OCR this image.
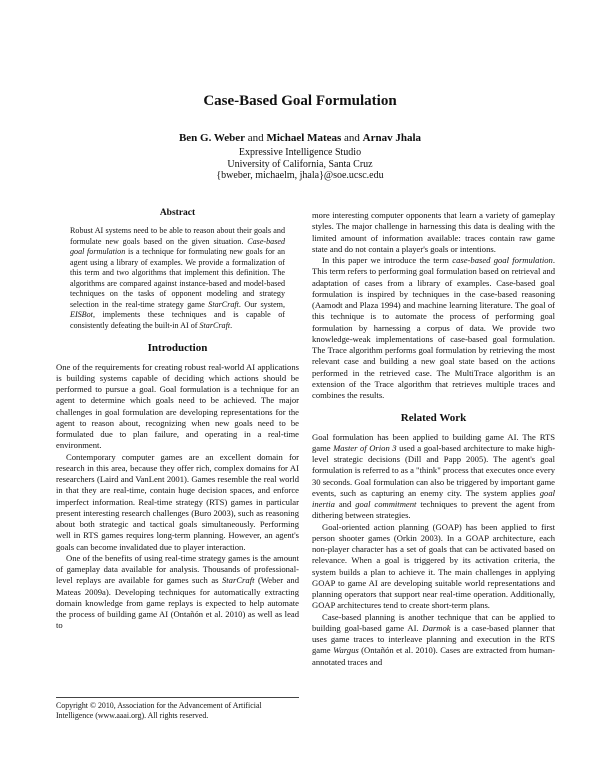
Case-Based Goal Formulation
Ben G. Weber and Michael Mateas and Arnav Jhala
Expressive Intelligence Studio
University of California, Santa Cruz
{bweber, michaelm, jhala}@soe.ucsc.edu
Abstract

Robust AI systems need to be able to reason about their goals and formulate new goals based on the given situation. Case-based goal formulation is a technique for formulating new goals for an agent using a library of examples. We provide a formalization of this term and two algorithms that implement this definition. The algorithms are compared against instance-based and model-based techniques on the tasks of opponent modeling and strategy selection in the real-time strategy game StarCraft. Our system, EISBot, implements these techniques and is capable of consistently defeating the built-in AI of StarCraft.

Introduction

One of the requirements for creating robust real-world AI applications is building systems capable of deciding which actions should be performed to pursue a goal. Goal formulation is a technique for an agent to determine which goals need to be achieved. The major challenges in goal formulation are developing representations for the agent to reason about, recognizing when new goals need to be formulated due to plan failure, and operating in a real-time environment.

Contemporary computer games are an excellent domain for research in this area, because they offer rich, complex domains for AI researchers (Laird and VanLent 2001). Games resemble the real world in that they are real-time, contain huge decision spaces, and enforce imperfect information. Real-time strategy (RTS) games in particular present interesting research challenges (Buro 2003), such as reasoning about both strategic and tactical goals simultaneously. Performing well in RTS games requires long-term planning. However, an agent's goals can become invalidated due to player interaction.

One of the benefits of using real-time strategy games is the amount of gameplay data available for analysis. Thousands of professional-level replays are available for games such as StarCraft (Weber and Mateas 2009a). Developing techniques for automatically extracting domain knowledge from game replays is expected to help automate the process of building game AI (Ontañón et al. 2010) as well as lead to

Copyright © 2010, Association for the Advancement of Artificial Intelligence (www.aaai.org). All rights reserved.

more interesting computer opponents that learn a variety of gameplay styles. The major challenge in harnessing this data is dealing with the limited amount of information available: traces contain raw game state and do not contain a player's goals or intentions.

In this paper we introduce the term case-based goal formulation. This term refers to performing goal formulation based on retrieval and adaptation of cases from a library of examples. Case-based goal formulation is inspired by techniques in the case-based reasoning (Aamodt and Plaza 1994) and machine learning literature. The goal of this technique is to automate the process of performing goal formulation by harnessing a corpus of data. We provide two knowledge-weak implementations of case-based goal formulation. The Trace algorithm performs goal formulation by retrieving the most relevant case and building a new goal state based on the actions performed in the retrieved case. The MultiTrace algorithm is an extension of the Trace algorithm that retrieves multiple traces and combines the results.

Related Work

Goal formulation has been applied to building game AI. The RTS game Master of Orion 3 used a goal-based architecture to make high-level strategic decisions (Dill and Papp 2005). The agent's goal formulation is referred to as a "think" process that executes once every 30 seconds. Goal formulation can also be triggered by important game events, such as capturing an enemy city. The system applies goal inertia and goal commitment techniques to prevent the agent from dithering between strategies.

Goal-oriented action planning (GOAP) has been applied to first person shooter games (Orkin 2003). In a GOAP architecture, each non-player character has a set of goals that can be activated based on relevance. When a goal is triggered by its activation criteria, the system builds a plan to achieve it. The main challenges in applying GOAP to game AI are developing suitable world representations and planning operators that support near real-time operation. Additionally, GOAP architectures tend to create short-term plans.

Case-based planning is another technique that can be applied to building goal-based game AI. Darmok is a case-based planner that uses game traces to interleave planning and execution in the RTS game Wargus (Ontañón et al. 2010). Cases are extracted from human-annotated traces and
